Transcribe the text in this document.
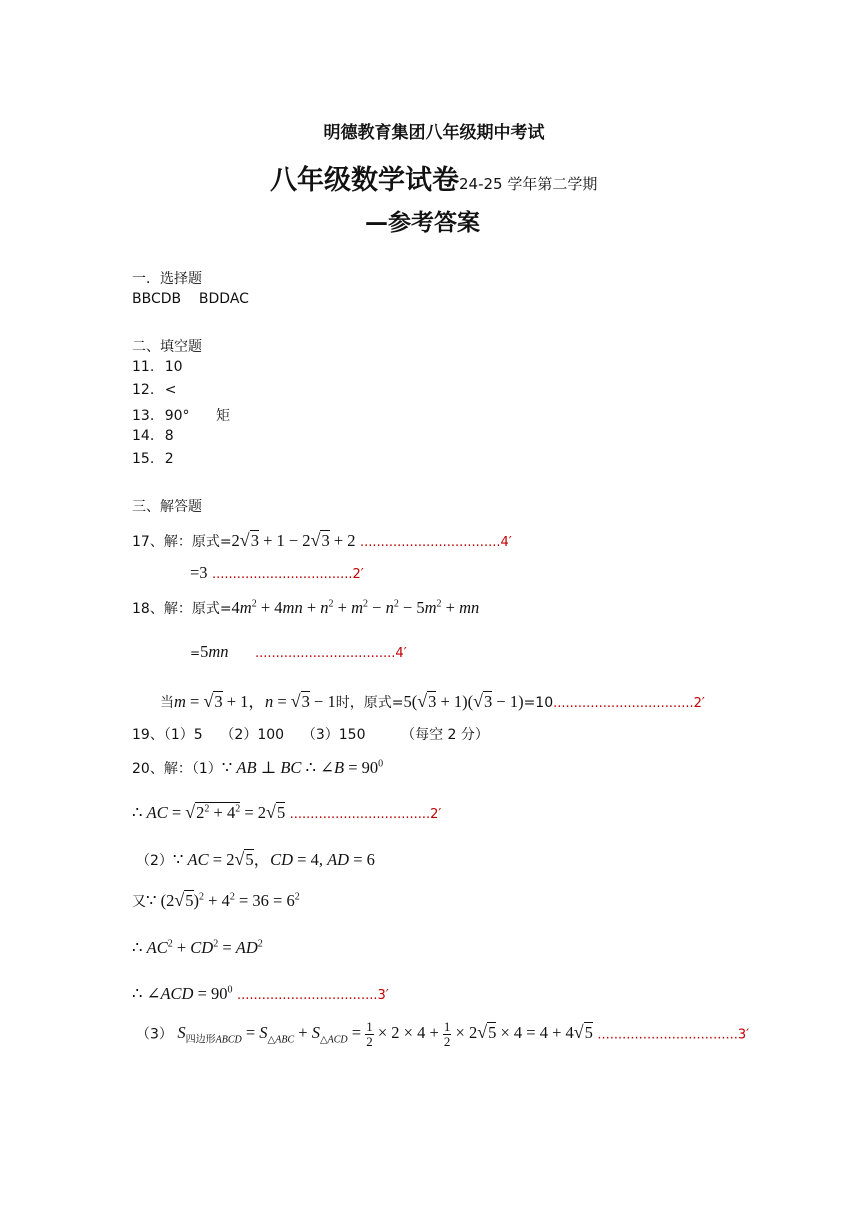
明德教育集团八年级期中考试
八年级数学试卷24-25 学年第二学期
—参考答案
一．选择题
BBCDB    BDDAC
二、填空题
11. 10
12. <
13. 90° 矩
14. 8
15. 2
三、解答题
17、解：原式=2√3 + 1 − 2√3 + 2 ..................................4′
=3 ..................................2′
18、解：原式$=4m^2 + 4mn + n^2 + m^2 - n^2 - 5m^2$ + mn
=5mn ..................................4′
当m = √3 + 1，n = √3 − 1时，原式=5(√3 + 1)(√3 − 1)=10..................................2′
19、（1）5    （2）100    （3）150        （每空 2 分）
20、解：（1）∵ AB ⊥ BC ∴ ∠B = $90^0$
∴ AC = $√2^2 + 4^2 = 2√5$ ..................................2′
（2）∵ AC = 2√5，CD = 4, AD = 6
又∵ $(2√5)^2 + 4^2 = 36 = 6^2$
∴ $AC^2 + CD^2 = AD^2$
∴ ∠ACD = $90^0$ ..................................3′
（3） $S_{四边形ABCD} = S_{\triangle ABC} + S_{\triangle ACD} = \frac{1}{2} \times 2 \times 4 + \frac{1}{2} \times 2√5 \times 4 = 4 + 4√5$ ..................................3′
